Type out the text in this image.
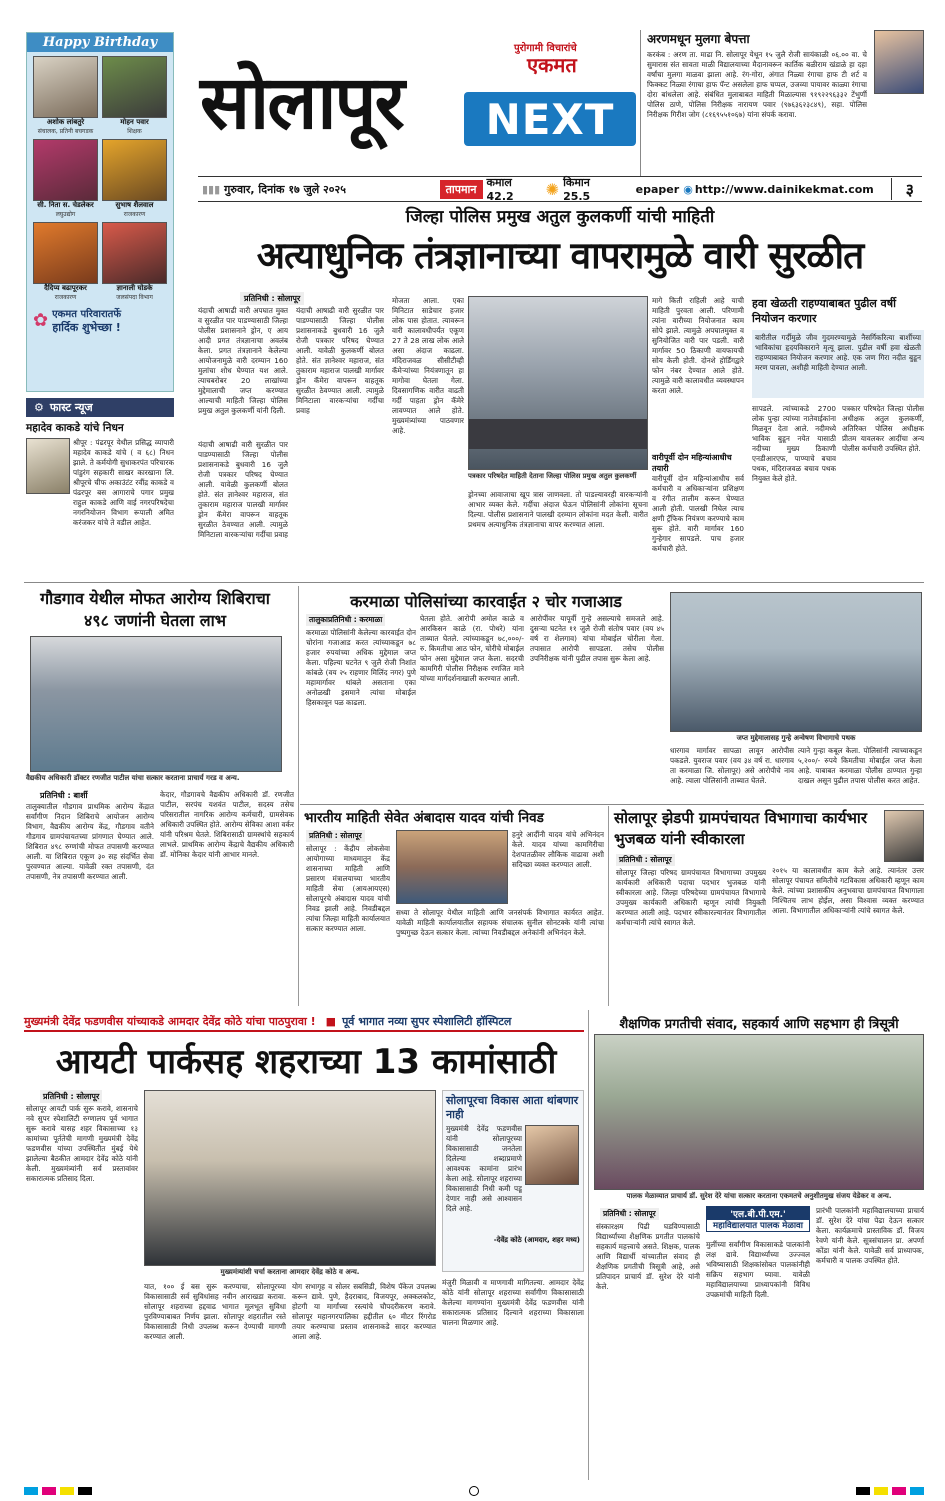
Happy Birthday
अशोक लांबतुरे
संचालक, प्रतिनी बचगडक
मोहन पवार
शिक्षक
सी. निता स. चेडलेकर
लघुउद्योग
सुभाष शैलवाल
राजकारण
दैदिप्य बढापूरकर
राजकारण
ज्ञानाली घोडके
जलसंपदा विभाग
✿ एकमत परिवारातर्फे
हार्दिक शुभेच्छा !
⚙ फास्ट न्यूज
महादेव काकडे यांचे निधन
श्रीपूर : पंढरपूर येथील प्रसिद्ध व्यापारी महादेव काकडे यांचे ( व ६८) निधन झाले. ते कर्मयोगी सुधाकरपंत परिचारक पांडुरंग सहकारी साखर कारखाना लि. श्रीपूरचे चीफ अकाउंटंट रवींद्र काकडे व पंढरपूर बस आगाराचे पगार प्रमुख राहुल काकडे आणि वाई नगरपरिषदेचा नगरनियोजन विभाग रूपाली अमित करंजकर यांचे ते वडील आहेत.
सोलापूर
पुरोगामी विचारांचे
एकमत
NEXT
▮▮▮ गुरुवार, दिनांक १७ जुले २०२५	तापमान कमाल 42.2	✺ किमान 25.5
epaper ◉ http://www.dainikekmat.com	३
अरणमधून मुलगा बेपत्ता
करकंब : अरण ता. माढा नि. सोलापूर येथून १५ जुलै रोजी सायंकाळी ०६.०० वा. चे सुमारास संत सावता माळी विद्यालयाच्या मैदानावरून कार्तिक बळीराम खंडाळे हा दहा वर्षांचा मुलगा माळवा झाला आहे. रंग-गोरा, अंगात निळ्या रंगाचा हाफ टी शर्ट व फिक्कट निळ्या रंगाचा हाफ पॅन्ट असलेला हाफ चप्पल, उजव्या पायावर काळ्या रंगाचा दोरा बांधलेला आहे. संबंधित मुलाबाबत माहिती मिळाल्यास ९१९२२९६३३२ टेंभुर्णी पोलिस ठाणे, पोलिस निरीक्षक नारायण पवार (९७६३६२३८४९), सहा. पोलिस निरीक्षक गिरीश जोग (८१६९५५१०६७) यांना संपर्क करावा.
जिल्हा पोलिस प्रमुख अतुल कुलकर्णी यांची माहिती
अत्याधुनिक तंत्रज्ञानाच्या वापरामुळे वारी सुरळीत
प्रतिनिधी : सोलापूर
यंदाची आषाढी वारी अपघात मुक्त व सुरळीत पार पाडण्यासाठी जिल्हा पोलीस प्रशासनाने ड्रोन, ए आय आदी प्रगत तंत्रज्ञानाचा अवलंब केला. प्रगत तंत्रज्ञानाने केलेल्या आयोजनामुळे वारी दरम्यान 160 मुलांचा शोध घेण्यात यश आले. त्याचबरोबर 20 लाखांच्या मुद्देमालाची जप्त करण्यात आल्याची माहिती जिल्हा पोलिस प्रमुख अतुल कुलकर्णी यांनी दिली.
यंदाची आषाढी वारी सुरळीत पार पाडण्यासाठी जिल्हा पोलीस प्रशासनाकडे बुधवारी 16 जुलै रोजी पत्रकार परिषद घेण्यात आली. यावेळी कुलकर्णी बोलत होते. संत ज्ञानेश्वर महाराज, संत तुकाराम महाराज पालखी मार्गावर ड्रोन कॅमेरा वापरून वाहतूक सुरळीत ठेवण्यात आली. त्यामुळे मिनिटाला वारकऱ्यांचा गर्दीचा प्रवाह
यंदाची आषाढी वारी सुरळीत पार पाडण्यासाठी जिल्हा पोलीस प्रशासनाकडे बुधवारी 16 जुलै रोजी पत्रकार परिषद घेण्यात आली. यावेळी कुलकर्णी बोलत होते. संत ज्ञानेश्वर महाराज, संत तुकाराम महाराज पालखी मार्गावर ड्रोन कॅमेरा वापरून वाहतूक सुरळीत ठेवण्यात आली. त्यामुळे मिनिटाला वारकऱ्यांचा गर्दीचा प्रवाह
मोजता आला. एका मिनिटात साडेचार हजार लोक पास होतात. त्यावरून वारी कालावधीपर्यंत एकूण 27 ते 28 लाख लोक आले असा अंदाज काढला. मंदिराजवळ सीसीटीव्ही कॅमेऱ्यांच्या नियंत्रणातून हा मागोवा घेतला गेला. दिवसागणिक वारीत वाढती गर्दी पाहता ड्रोन कॅमेरे लावण्यात आले होते. मुख्यमंत्र्यांच्या पाठवणार आहे.
पत्रकार परिषदेत माहिती देताना जिल्हा पोलिस प्रमुख अतुल कुलकर्णी
ड्रोनच्या आवाजाचा खूप त्रास जाणवला. तो पाडल्यावरही वारकऱ्यांनी आभार व्यक्त केले. गर्दीचा अंदाज घेऊन पोलिसांनी लोकांना सूचना दिल्या. पोलीस प्रशासनाने पालखी दरम्यान लोकांना मदत केली. वारीत प्रथमच अत्याधुनिक तंत्रज्ञानाचा वापर करण्यात आला.
मागे किती राहिली आहे याची माहिती पुरवता आली. परिणामी त्यांना वारीच्या नियोजनात काम सोपे झाले. त्यामुळे अपघातमुक्त व सुनियोजित वारी पार पडली. वारी मार्गावर 50 ठिकाणी वायफायची सोय केली होती. दोनशे होर्डिंगद्वारे फोन नंबर देण्यात आले होते. त्यामुळे वारी कालावधीत व्यवस्थापन करता आले.
वारीपूर्वी दोन महिन्यांआधीच तयारी
वारीपूर्वी दोन महिन्यांआधीच सर्व कर्मचारी व अधिकाऱ्यांना प्रशिक्षण व रंगीत तालीम करून घेण्यात आली होती. पालखी निघेल त्याच क्षणी ट्रॅफिक नियंत्रण करण्याचे काम सुरू होते. वारी मार्गावर 160 गुन्हेगार सापडले. पाच हजार कर्मचारी होते.
हवा खेळती राहण्याबाबत पुढील वर्षी नियोजन करणार
बारीतील गर्दीमुळे जीव गुदमरण्यामुळे नैसर्गिकरित्या बार्शीच्या भाविकांचा हृदयविकाराने मृत्यू झाला. पुढील वर्षी हवा खेळती राहण्याबाबत नियोजन करणार आहे. एक जण गिरा नदीत बुडून मरण पावला, अशीही माहिती देण्यात आली.
सापडले. त्यांच्याकडे 2700 लोक पुन्हा त्यांच्या नातेवाईकांना मिळवून देता आले. नदीमध्ये भाविक बुडून नयेत यासाठी नदीच्या मुख्य ठिकाणी एनडीआरएफ, पाण्याचे बचाव पथक, मंदिराजवळ बचाव पथक नियुक्त केले होते.
पत्रकार परिषदेत जिल्हा पोलीस अधीक्षक अतुल कुलकर्णी, अतिरिक्त पोलिस अधीक्षक प्रीतम यावलकर आदींचा अन्य पोलीस कर्मचारी उपस्थित होते.
गौडगाव येथील मोफत आरोग्य शिबिराचा ४९८ जणांनी घेतला लाभ
वैद्यकीय अधिकारी डॉक्टर रणजीत पाटील यांचा सत्कार करताना प्राचार्य गरड व अन्य.
प्रतिनिधी : बार्शी
तालुक्यातील गौडगाव प्राथमिक आरोग्य केंद्रात सर्वांगीण निदान शिबिराचे आयोजन आरोग्य विभाग, वैद्यकीय आरोग्य केंद्र, गौडगाव वतीने गौडगाव ग्रामपंचायतच्या प्रांगणात घेण्यात आले. शिबिरात ४९८ रुग्णांची मोफत तपासणी करण्यात आली. या शिबिरात एकूण ३० सह संदर्भित सेवा पुरवण्यात आल्या. यावेळी रक्त तपासणी, दंत तपासणी, नेत्र तपासणी करण्यात आली.
केदार, गौडगावचे वैद्यकीय अधिकारी डॉ. रणजीत पाटील, सरपंच यशवंत पाटील, सदस्य तसेच परिसरातील नागरिक आरोग्य कर्मचारी, ग्रामसेवक अधिकारी उपस्थित होते. आरोग्य सेविका आशा वर्कर यांनी परिश्रम घेतले. शिबिरासाठी ग्रामस्थांचे सहकार्य लाभले. प्राथमिक आरोग्य केंद्राचे वैद्यकीय अधिकारी डॉ. मोनिका केदार यांनी आभार मानले.
करमाळा पोलिसांच्या कारवाईत २ चोर गजाआड
तालुकाप्रतिनिधी : करमाळा
करमाळा पोलिसांनी केलेल्या कारवाईत दोन चोरांना गजाआड करत त्यांच्याकडून ७८ हजार रुपयांच्या अधिक मुद्देमाल जप्त केला. पहिल्या घटनेत ९ जुलै रोजी निशांत कांबळे (वय २५ राहणार मिलिंद नगर) पुणे महामार्गावर थांबले असताना एका अनोळखी इसमाने त्यांचा मोबाईल हिसकावून पळ काढला.
घेतला होते. आरोपी अमोल काळे व आरकिसन काळे (रा. पोथरे) यांना ताब्यात घेतले. त्यांच्याकडून ७८,०००/- रु. किमतीचा आठ फोन, चोरीचे मोबाईल फोन असा मुद्देमाल जप्त केला. सदरची कामगिरी पोलीस निरीक्षक रणजित माने यांच्या मार्गदर्शनाखाली करण्यात आली.
आरोपींवर यापूर्वी गुन्हे असल्याचे समजले आहे. दुसऱ्या घटनेत ११ जुलै रोजी संतोष पवार (वय ४५ वर्ष रा शेलगाव) यांचा मोबाईल चोरीला गेला. तपासात आरोपी सापडला. तसेच पोलीस उपनिरीक्षक यांनी पुढील तपास सुरू केला आहे.
जप्त मुद्देमालासह गुन्हे अन्वेषण विभागाचे पथक
धारगाव मार्गावर सापळा लावून आरोपीस पकडले. युवराज पवार (वय ३४ वर्ष रा. धारगाव ता करमाळा जि. सोलापूर) असे आरोपीचे नाव आहे. त्याला पोलिसांनी ताब्यात घेतले.
त्याने गुन्हा कबूल केला. पोलिसांनी त्याच्याकडून ५,२००/- रुपये किमतीचा मोबाईल जप्त केला आहे. याबाबत करमाळा पोलीस ठाण्यात गुन्हा दाखल असून पुढील तपास पोलीस करत आहेत.
भारतीय माहिती सेवेत अंबादास यादव यांची निवड
प्रतिनिधी : सोलापूर
सोलापूर : केंद्रीय लोकसेवा आयोगाच्या माध्यमातून केंद्र शासनाच्या माहिती आणि प्रसारण मंत्रालयाच्या भारतीय माहिती सेवा (आयआयएस) सोलापूरचे अंबादास यादव यांची निवड झाली आहे. निवडीबद्दल त्यांचा जिल्हा माहिती कार्यालयात सत्कार करण्यात आला.
हनुरे आदींनी यादव यांचे अभिनंदन केले. यादव यांच्या कामगिरीचा देशपातळीवर लौकिक वाढावा अशी सदिच्छा व्यक्त करण्यात आली.
सध्या ते सोलापूर येथील माहिती आणि जनसंपर्क विभागात कार्यरत आहेत. यावेळी माहिती कार्यालयातील सहायक संचालक सुनील सोनटक्के यांनी त्यांचा पुष्पगुच्छ देऊन सत्कार केला. त्यांच्या निवडीबद्दल अनेकांनी अभिनंदन केले.
सोलापूर झेडपी ग्रामपंचायत विभागाचा कार्यभार भुजबळ यांनी स्वीकारला
प्रतिनिधी : सोलापूर
सोलापूर जिल्हा परिषद ग्रामपंचायत विभागाच्या उपमुख्य कार्यकारी अधिकारी पदाचा पदभार भुजबळ यांनी स्वीकारला आहे. जिल्हा परिषदेच्या ग्रामपंचायत विभागाचे उपमुख्य कार्यकारी अधिकारी म्हणून त्यांची नियुक्ती करण्यात आली आहे. पदभार स्वीकारल्यानंतर विभागातील कर्मचाऱ्यांनी त्यांचे स्वागत केले.
२०१५ या कालावधीत काम केले आहे. त्यानंतर उत्तर सोलापूर पंचायत समितीचे गटविकास अधिकारी म्हणून काम केले. त्यांच्या प्रशासकीय अनुभवाचा ग्रामपंचायत विभागाला निश्चितच लाभ होईल, असा विश्वास व्यक्त करण्यात आला. विभागातील अधिकाऱ्यांनी त्यांचे स्वागत केले.
मुख्यमंत्री देवेंद्र फडणवीस यांच्याकडे आमदार देवेंद्र कोठे यांचा पाठपुरावा ! ■ पूर्व भागात नव्या सुपर स्पेशालिटी हॉस्पिटल
आयटी पार्कसह शहराच्या 13 कामांसाठी
प्रतिनिधी : सोलापूर
सोलापूर आयटी पार्क सुरू करावे, शासनाचे नवे सुपर स्पेशालिटी रुग्णालय पूर्व भागात सुरू करावे यासह शहर विकासाच्या १३ कामांच्या पूर्ततेची मागणी मुख्यमंत्री देवेंद्र फडणवीस यांच्या उपस्थितीत मुंबई येथे झालेल्या बैठकीत आमदार देवेंद्र कोठे यांनी केली. मुख्यमंत्र्यांनी सर्व प्रस्तावांवर सकारात्मक प्रतिसाद दिला.
मुख्यमंत्र्यांशी चर्चा करताना आमदार देवेंद्र कोठे व अन्य.
यात, १०० ई बस सुरू करण्याचा, सोलापूरच्या विकासासाठी सर्व सुविधांसह नवीन आराखडा करावा. सोलापूर शहराच्या हद्दवाढ भागात मूलभूत सुविधा पुरविण्याबाबत निर्णय झाला. सोलापूर शहरातील रस्ते विकासासाठी निधी उपलब्ध करून देण्याची मागणी करण्यात आली.
योग सभागृह व सोलर सबसिडी, विशेष पॅकेज उपलब्ध करून द्यावे. पुणे, हैदराबाद, विजयपूर, अक्कलकोट, होटगी या मार्गांच्या रस्त्यांचे चौपदरीकरण करावे. सोलापूर महानगरपालिका हद्दीतील ६० मीटर रिंगरोड तयार करण्याचा प्रस्ताव शासनाकडे सादर करण्यात आला आहे.
सोलापूरचा विकास आता थांबणार नाही
मुख्यमंत्री देवेंद्र फडणवीस यांनी सोलापूरच्या विकासासाठी जनतेला दिलेल्या शब्दाप्रमाणे आवश्यक कामांना प्रारंभ केला आहे. सोलापूर शहराच्या विकासासाठी निधी कमी पडू देणार नाही असे आश्वासन दिले आहे.
-देवेंद्र कोठे (आमदार, शहर मध्य)
मंजुरी मिळावी व माणगावी मागितल्या. आमदार देवेंद्र कोठे यांनी सोलापूर शहराच्या सर्वांगीण विकासासाठी केलेल्या मागण्यांना मुख्यमंत्री देवेंद्र फडणवीस यांनी सकारात्मक प्रतिसाद दिल्याने शहराच्या विकासाला चालना मिळणार आहे.
शैक्षणिक प्रगतीची संवाद, सहकार्य आणि सहभाग ही त्रिसूत्री
पालक मेळाव्यात प्राचार्य डॉ. सुरेश देरे यांचा सत्कार करताना एकमतचे अनुशीतमुख संजय येडेकर व अन्य.
प्रतिनिधी : सोलापूर
संस्कारक्षम पिढी घडविण्यासाठी विद्यार्थ्यांच्या शैक्षणिक प्रगतीत पालकांचे सहकार्य महत्त्वाचे असते. शिक्षक, पालक आणि विद्यार्थी यांच्यातील संवाद ही शैक्षणिक प्रगतीची त्रिसूत्री आहे, असे प्रतिपादन प्राचार्य डॉ. सुरेश देरे यांनी केले.
'एल.बी.पी.एम.'
महाविद्यालयात पालक मेळावा
मुलींच्या सर्वांगीण विकासाकडे पालकांनी लक्ष द्यावे. विद्यार्थ्यांच्या उज्ज्वल भविष्यासाठी शिक्षकांसोबत पालकांनीही सक्रिय सहभाग घ्यावा. यावेळी महाविद्यालयाच्या प्राध्यापकांनी विविध उपक्रमांची माहिती दिली.
प्रारंभी पालकांनी महाविद्यालयाच्या प्राचार्य डॉ. सुरेश देरे यांचा पेढा देऊन सत्कार केला. कार्यक्रमाचे प्रास्ताविक डॉ. विजय रेवणे यांनी केले. सूत्रसंचालन प्रा. अपर्णा कोंडा यांनी केले. यावेळी सर्व प्राध्यापक, कर्मचारी व पालक उपस्थित होते.
